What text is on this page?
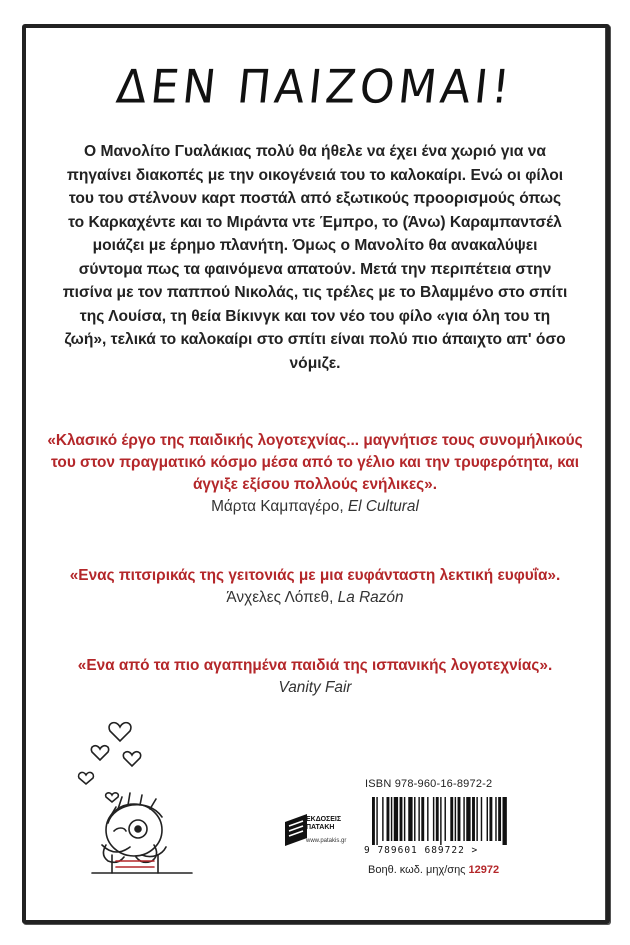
ΔΕΝ ΠΑΙΖΟΜΑΙ!
Ο Μανολίτο Γυαλάκιας πολύ θα ήθελε να έχει ένα χωριό για να πηγαίνει διακοπές με την οικογένειά του το καλοκαίρι. Ενώ οι φίλοι του του στέλνουν καρτ ποστάλ από εξωτικούς προορισμούς όπως το Καρκαχέντε και το Μιράντα ντε Έμπρο, το (Άνω) Καραμπαντσέλ μοιάζει με έρημο πλανήτη. Όμως ο Μανολίτο θα ανακαλύψει σύντομα πως τα φαινόμενα απατούν. Μετά την περιπέτεια στην πισίνα με τον παππού Νικολάς, τις τρέλες με το Βλαμμένο στο σπίτι της Λουίσα, τη θεία Βίκινγκ και τον νέο του φίλο «για όλη του τη ζωή», τελικά το καλοκαίρι στο σπίτι είναι πολύ πιο άπαιχτο απ' όσο νόμιζε.
«Κλασικό έργο της παιδικής λογοτεχνίας... μαγνήτισε τους συνομήλικούς του στον πραγματικό κόσμο μέσα από το γέλιο και την τρυφερότητα, και άγγιξε εξίσου πολλούς ενήλικες».
Μάρτα Καμπαγέρο, El Cultural
«Ενας πιτσιρικάς της γειτονιάς με μια ευφάνταστη λεκτική ευφυΐα».
Άνχελες Λόπεθ, La Razón
«Ενα από τα πιο αγαπημένα παιδιά της ισπανικής λογοτεχνίας».
Vanity Fair
ISBN 978-960-16-8972-2
ΕΚΔΟΣΕΙΣ
ΠΑΤΑΚΗ
www.patakis.gr
9 789601 689722 >
Βοηθ. κωδ. μηχ/σης 12972
